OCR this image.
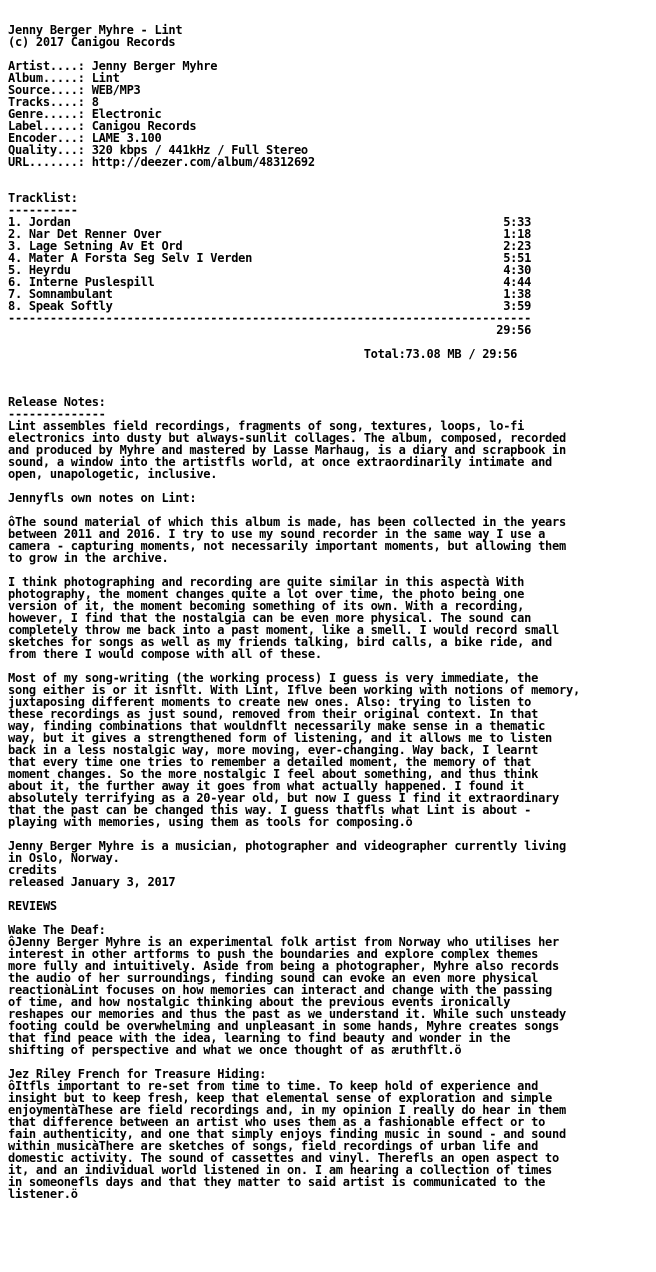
Jenny Berger Myhre - Lint
(c) 2017 Canigou Records

Artist....: Jenny Berger Myhre
Album.....: Lint
Source....: WEB/MP3
Tracks....: 8
Genre.....: Electronic
Label.....: Canigou Records
Encoder...: LAME 3.100
Quality...: 320 kbps / 441kHz / Full Stereo
URL.......: http://deezer.com/album/48312692

Tracklist:
----------
1. Jordan                                                              5:33
2. Nar Det Renner Over                                                 1:18
3. Lage Setning Av Et Ord                                              2:23
4. Mater A Forsta Seg Selv I Verden                                    5:51
5. Heyrdu                                                              4:30
6. Interne Puslespill                                                  4:44
7. Somnambulant                                                        1:38
8. Speak Softly                                                        3:59
---------------------------------------------------------------------------
29:56

Total:73.08 MB / 29:56

Release Notes:
--------------
Lint assembles field recordings, fragments of song, textures, loops, lo-fi
electronics into dusty but always-sunlit collages. The album, composed, recorded
and produced by Myhre and mastered by Lasse Marhaug, is a diary and scrapbook in
sound, a window into the artistfls world, at once extraordinarily intimate and
open, unapologetic, inclusive.

Jennyfls own notes on Lint:

ôThe sound material of which this album is made, has been collected in the years
between 2011 and 2016. I try to use my sound recorder in the same way I use a
camera - capturing moments, not necessarily important moments, but allowing them
to grow in the archive.

I think photographing and recording are quite similar in this aspectà With
photography, the moment changes quite a lot over time, the photo being one
version of it, the moment becoming something of its own. With a recording,
however, I find that the nostalgia can be even more physical. The sound can
completely throw me back into a past moment, like a smell. I would record small
sketches for songs as well as my friends talking, bird calls, a bike ride, and
from there I would compose with all of these.

Most of my song-writing (the working process) I guess is very immediate, the
song either is or it isnflt. With Lint, Iflve been working with notions of memory,
juxtaposing different moments to create new ones. Also: trying to listen to
these recordings as just sound, removed from their original context. In that
way, finding combinations that wouldnflt necessarily make sense in a thematic
way, but it gives a strengthened form of listening, and it allows me to listen
back in a less nostalgic way, more moving, ever-changing. Way back, I learnt
that every time one tries to remember a detailed moment, the memory of that
moment changes. So the more nostalgic I feel about something, and thus think
about it, the further away it goes from what actually happened. I found it
absolutely terrifying as a 20-year old, but now I guess I find it extraordinary
that the past can be changed this way. I guess thatfls what Lint is about -
playing with memories, using them as tools for composing.ö

Jenny Berger Myhre is a musician, photographer and videographer currently living
in Oslo, Norway.
credits
released January 3, 2017

REVIEWS

Wake The Deaf:
ôJenny Berger Myhre is an experimental folk artist from Norway who utilises her
interest in other artforms to push the boundaries and explore complex themes
more fully and intuitively. Aside from being a photographer, Myhre also records
the audio of her surroundings, finding sound can evoke an even more physical
reactionàLint focuses on how memories can interact and change with the passing
of time, and how nostalgic thinking about the previous events ironically
reshapes our memories and thus the past as we understand it. While such unsteady
footing could be overwhelming and unpleasant in some hands, Myhre creates songs
that find peace with the idea, learning to find beauty and wonder in the
shifting of perspective and what we once thought of as æruthflt.ö

Jez Riley French for Treasure Hiding:
ôItfls important to re-set from time to time. To keep hold of experience and
insight but to keep fresh, keep that elemental sense of exploration and simple
enjoymentàThese are field recordings and, in my opinion I really do hear in them
that difference between an artist who uses them as a fashionable effect or to
fain authenticity, and one that simply enjoys finding music in sound - and sound
within musicàThere are sketches of songs, field recordings of urban life and
domestic activity. The sound of cassettes and vinyl. Therefls an open aspect to
it, and an individual world listened in on. I am hearing a collection of times
in someonefls days and that they matter to said artist is communicated to the
listener.ö
